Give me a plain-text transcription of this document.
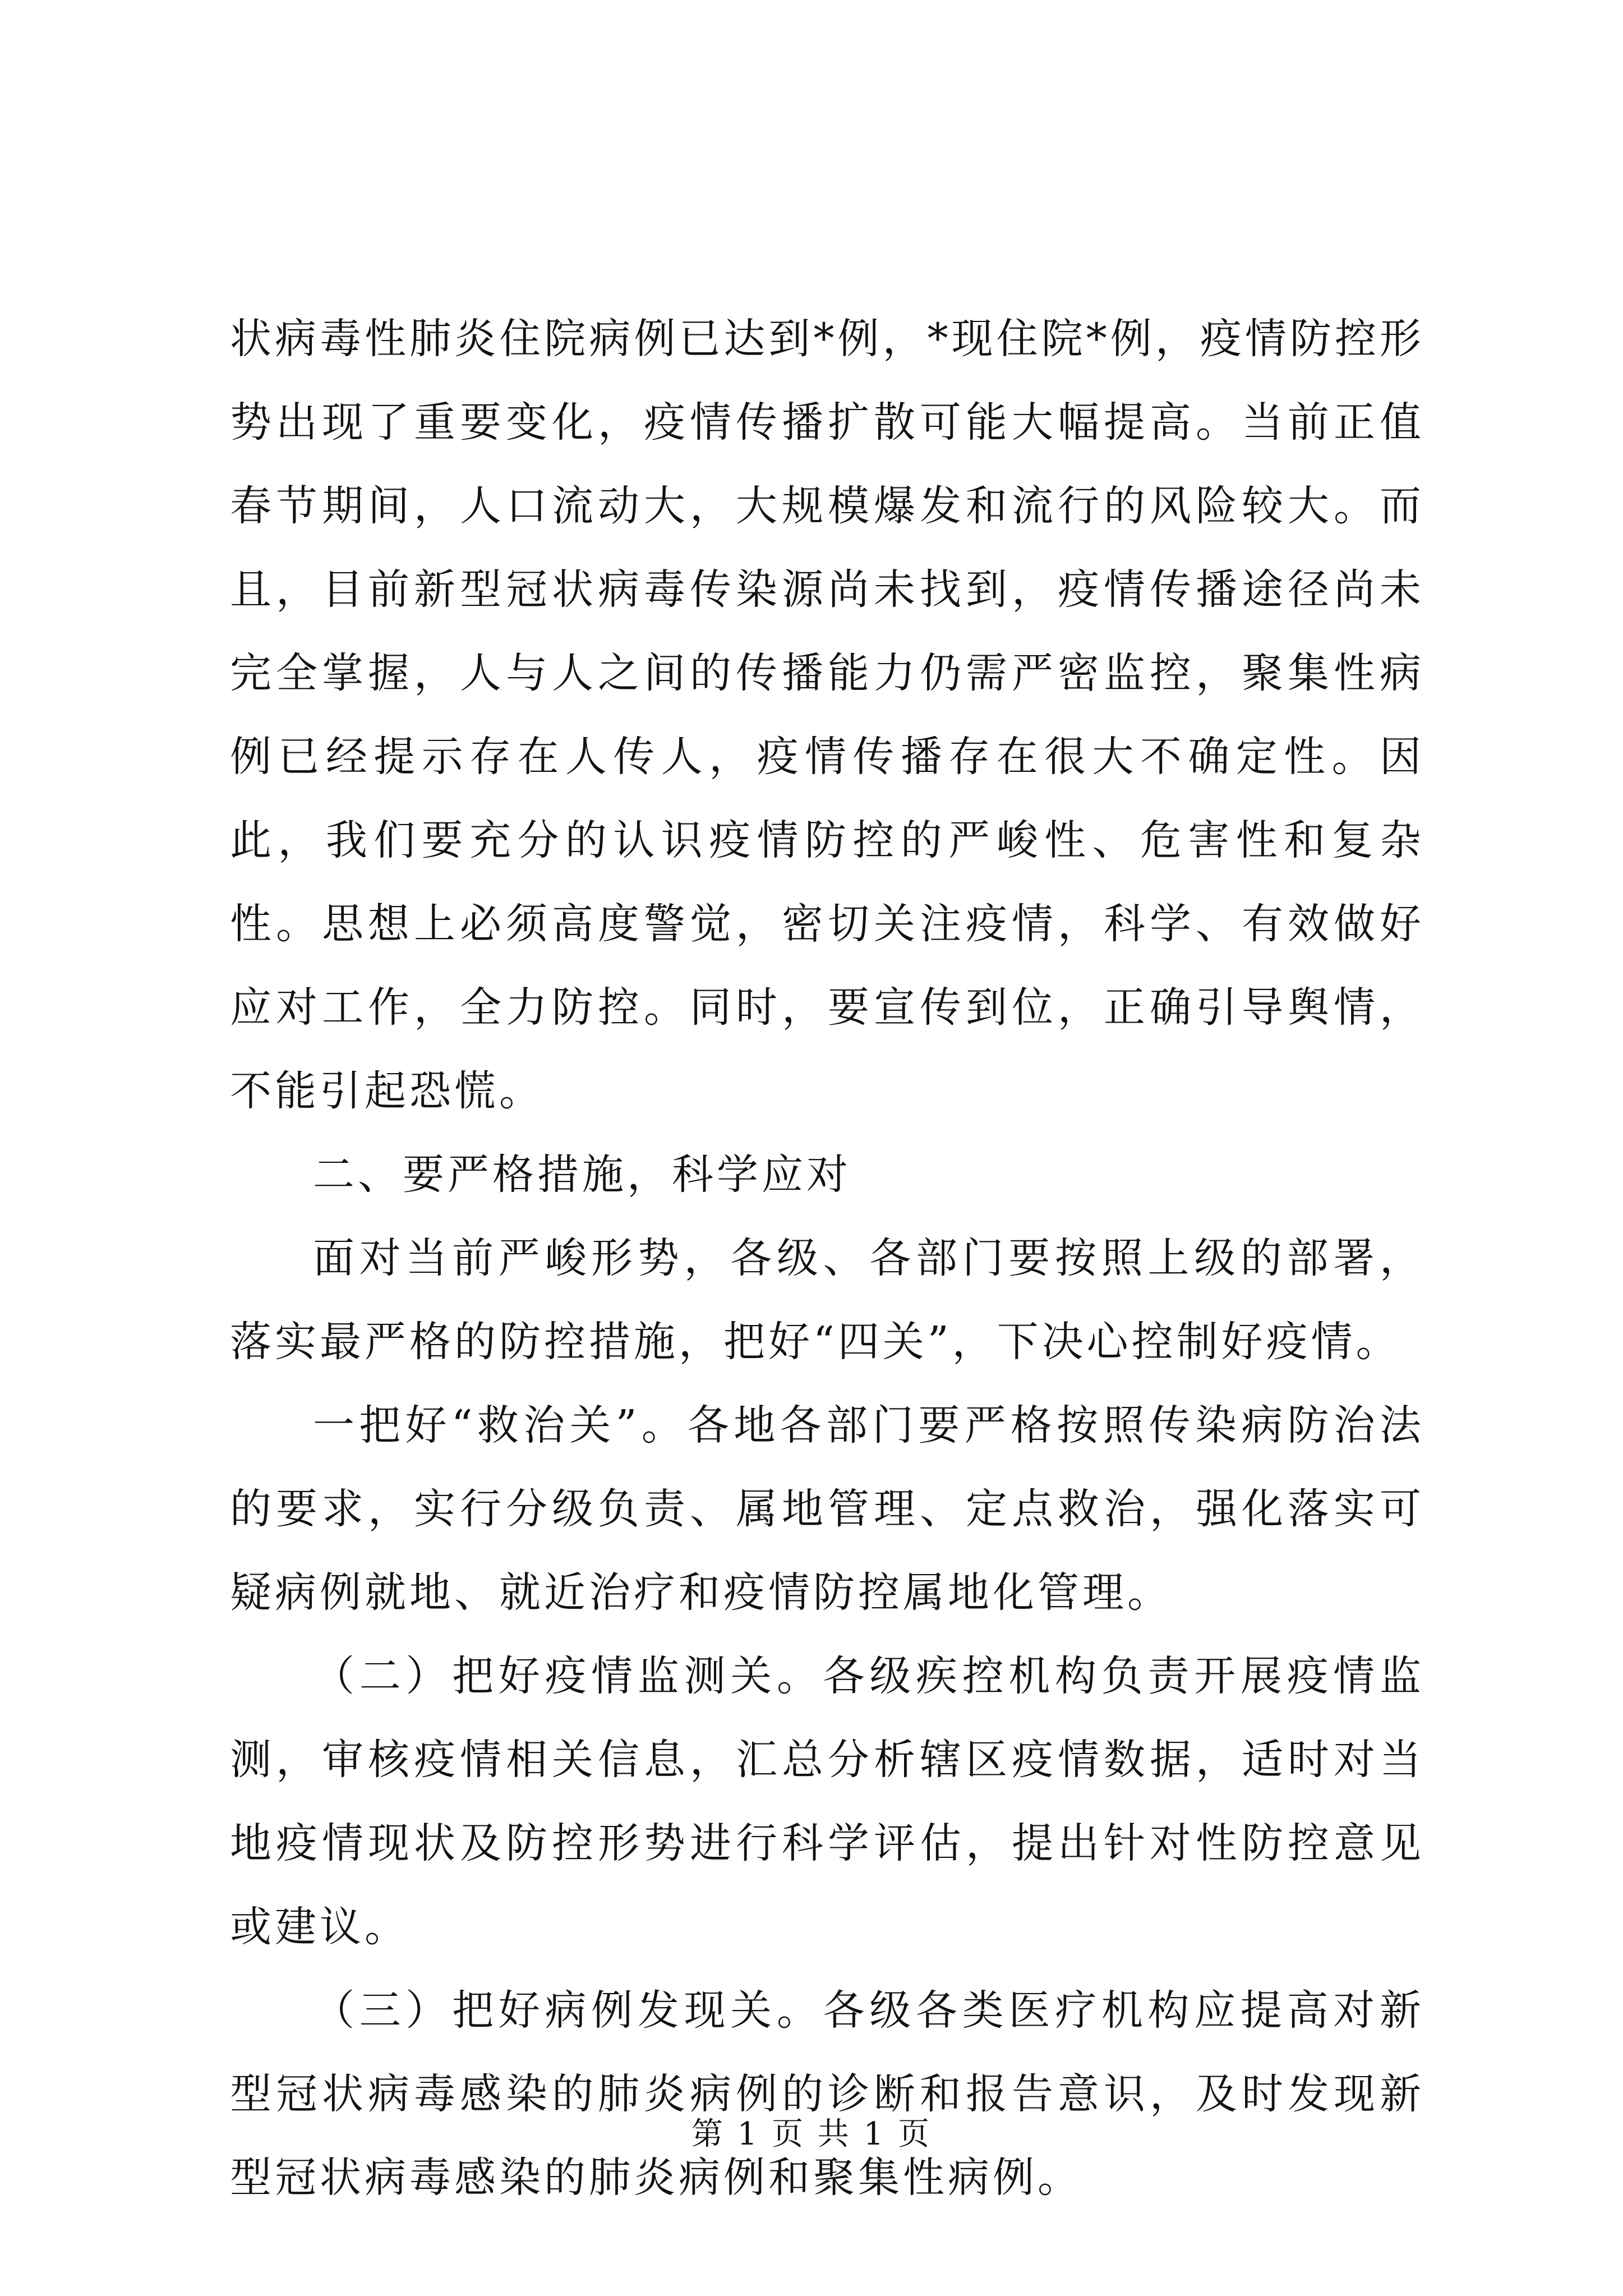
状病毒性肺炎住院病例已达到*例，*现住院*例，疫情防控形势出现了重要变化，疫情传播扩散可能大幅提高。当前正值春节期间，人口流动大，大规模爆发和流行的风险较大。而且，目前新型冠状病毒传染源尚未找到，疫情传播途径尚未完全掌握，人与人之间的传播能力仍需严密监控，聚集性病例已经提示存在人传人，疫情传播存在很大不确定性。因此，我们要充分的认识疫情防控的严峻性、危害性和复杂性。思想上必须高度警觉，密切关注疫情，科学、有效做好应对工作，全力防控。同时，要宣传到位，正确引导舆情，不能引起恐慌。

二、要严格措施，科学应对

面对当前严峻形势，各级、各部门要按照上级的部署，落实最严格的防控措施，把好“四关”，下决心控制好疫情。

一把好“救治关”。各地各部门要严格按照传染病防治法的要求，实行分级负责、属地管理、定点救治，强化落实可疑病例就地、就近治疗和疫情防控属地化管理。

（二）把好疫情监测关。各级疾控机构负责开展疫情监测，审核疫情相关信息，汇总分析辖区疫情数据，适时对当地疫情现状及防控形势进行科学评估，提出针对性防控意见或建议。

（三）把好病例发现关。各级各类医疗机构应提高对新型冠状病毒感染的肺炎病例的诊断和报告意识，及时发现新型冠状病毒感染的肺炎病例和聚集性病例。

第 1 页 共 1 页
